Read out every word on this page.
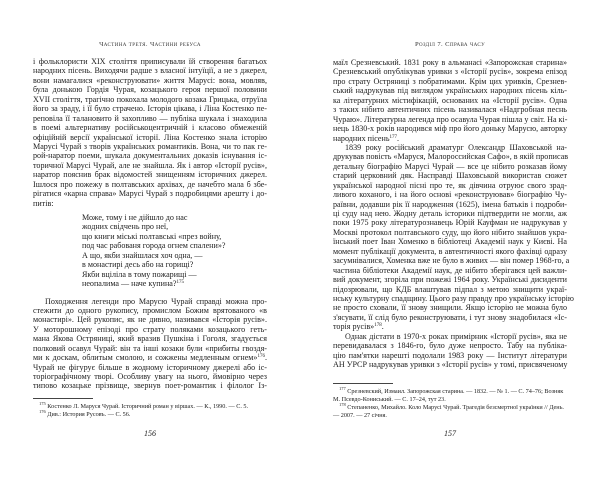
Частина третя. Частини ребуса
і фольклористи XIX століття приписували їй створення багатьох
народних пісень. Виходячи радше з власної інтуїції, а не з джерел,
вони намагалися «реконструювати» життя Марусі: вона, мовляв,
була донькою Гордія Чурая, козацького героя першої половини
XVII століття, трагічно покохала молодого козака Грицька, отруїла
його за зраду, і її було страчено. Історія цікава, і Ліна Костенко пе-
реповіла її талановито й захопливо — публіка шукала і знаходила
в поемі альтернативу російськоцентричній і класово обмеженій
офіційній версії української історії. Ліна Костенко знала історію
Марусі Чурай з творів українських романтиків. Вона, чи то пак ге-
рой-наратор поеми, шукала документальних доказів існування іс-
торичної Марусі Чурай, але не знайшла. Як і автор «Історії русів»,
наратор пояснив брак відомостей знищенням історичних джерел.
Ішлося про пожежу в полтавських архівах, де начебто мала б збе-
рігатися «карна справа» Марусі Чурай з подробицями арешту і до-
питів:
Може, тому і не дійшло до нас
жодних свідчень про неї,
що книги міські полтавські «през войну,
под час рабованя города огнем спалени»?
А що, якби знайшлася хоч одна, —
в монастирі десь або на горищі?
Якби вціліла в тому пожарищі —
неопалима — наче купина?$^{175}$
Походження легенди про Марусю Чурай справді можна про-
стежити до одного рукопису, промислом Божим врятованого «в
монастирі». Цей рукопис, як не дивно, називався «Історія русів».
У моторошному епізоді про страту поляками козацького геть-
мана Якова Остряниці, який вразив Пушкіна і Гоголя, згадується
полковий осавул Чурай: він та інші козаки були «прибиты гвоздя-
ми к доскам, облитым смолою, и сожжены медленным огнем»$^{176}$.
Чурай не фігурує більше в жодному історичному джерелі або іс-
торіографічному творі. Особливу увагу на нього, ймовірно через
типово козацьке прізвище, звернув поет-романтик і філолог Із-
$^{175}$ Костенко Л. Маруся Чурай. Історичний роман у віршах. — К., 1990. — С. 5.
$^{176}$ Див.: История Русовъ. — С. 56.
156
Розділ 7. Справа часу
маїл Срезневський. 1831 року в альманасі «Запорожская старина»
Срезневський опублікував уривки з «Історії русів», зокрема епізод
про страту Остряниці з побратимами. Крім цих уривків, Срезнев-
ський надрукував під виглядом українських народних пісень кіль-
ка літературних містифікацій, основаних на «Історії русів». Одна
з таких нібито автентичних пісень називалася «Надгробная песнь
Чураю». Літературна легенда про осавула Чурая пішла у світ. На кі-
нець 1830-х років народився міф про його доньку Марусю, авторку
народних пісень$^{177}$.
1839 року російський драматург Олександр Шаховськой на-
друкував повість «Маруся, Малороссийская Сафо», в якій прописав
детальну біографію Марусі Чурай — все це нібито розказав йому
старий церковний дяк. Насправді Шаховськой використав сюжет
української народної пісні про те, як дівчина отруює свого зрад-
ливого коханого, і на його основі «реконструював» біографію Чу-
раївни, додавши рік її народження (1625), імена батьків і подроби-
ці суду над нею. Жодну деталь історики підтвердити не могли, аж
поки 1975 року літературознавець Юрій Кауфман не надрукував у
Москві протокол полтавського суду, що його нібито знайшов укра-
їнський поет Іван Хоменко в бібліотеці Академії наук у Києві. На
момент публікації документа, в автентичності якого фахівці одразу
засумнівалися, Хоменка вже не було в живих — він помер 1968-го, а
частина бібліотеки Академії наук, де нібито зберігався цей важли-
вий документ, згоріла при пожежі 1964 року. Українські дисиденти
підозрювали, що КДБ влаштував підпал з метою знищити украї-
нську культурну спадщину. Цього разу правду про українську історію
не просто сховали, її знову знищили. Якщо історію не можна було
з'ясувати, її слід було реконструювати, і тут знову знадобилася «Іс-
торія русів»$^{178}$.
Однак дістати в 1970-х роках примірник «Історії русів», яка не
перевидавалася з 1846-го, було дуже непросто. Табу на публіка-
цію пам'ятки нарешті подолали 1983 року — Інститут літератури
АН УРСР надрукував уривки з «Історії русів» у томі, присвяченому
$^{177}$ Срезневский, Измаил. Запорожская старина. — 1832. — № 1. — С. 74–76; Возняк М. Псевдо-Кониський. — С. 17–24, тут 23.
$^{178}$ Степаненко, Михайло. Коло Марусі Чурай. Трагедія безсмертної українки // День. — 2007. — 27 січня.
157
